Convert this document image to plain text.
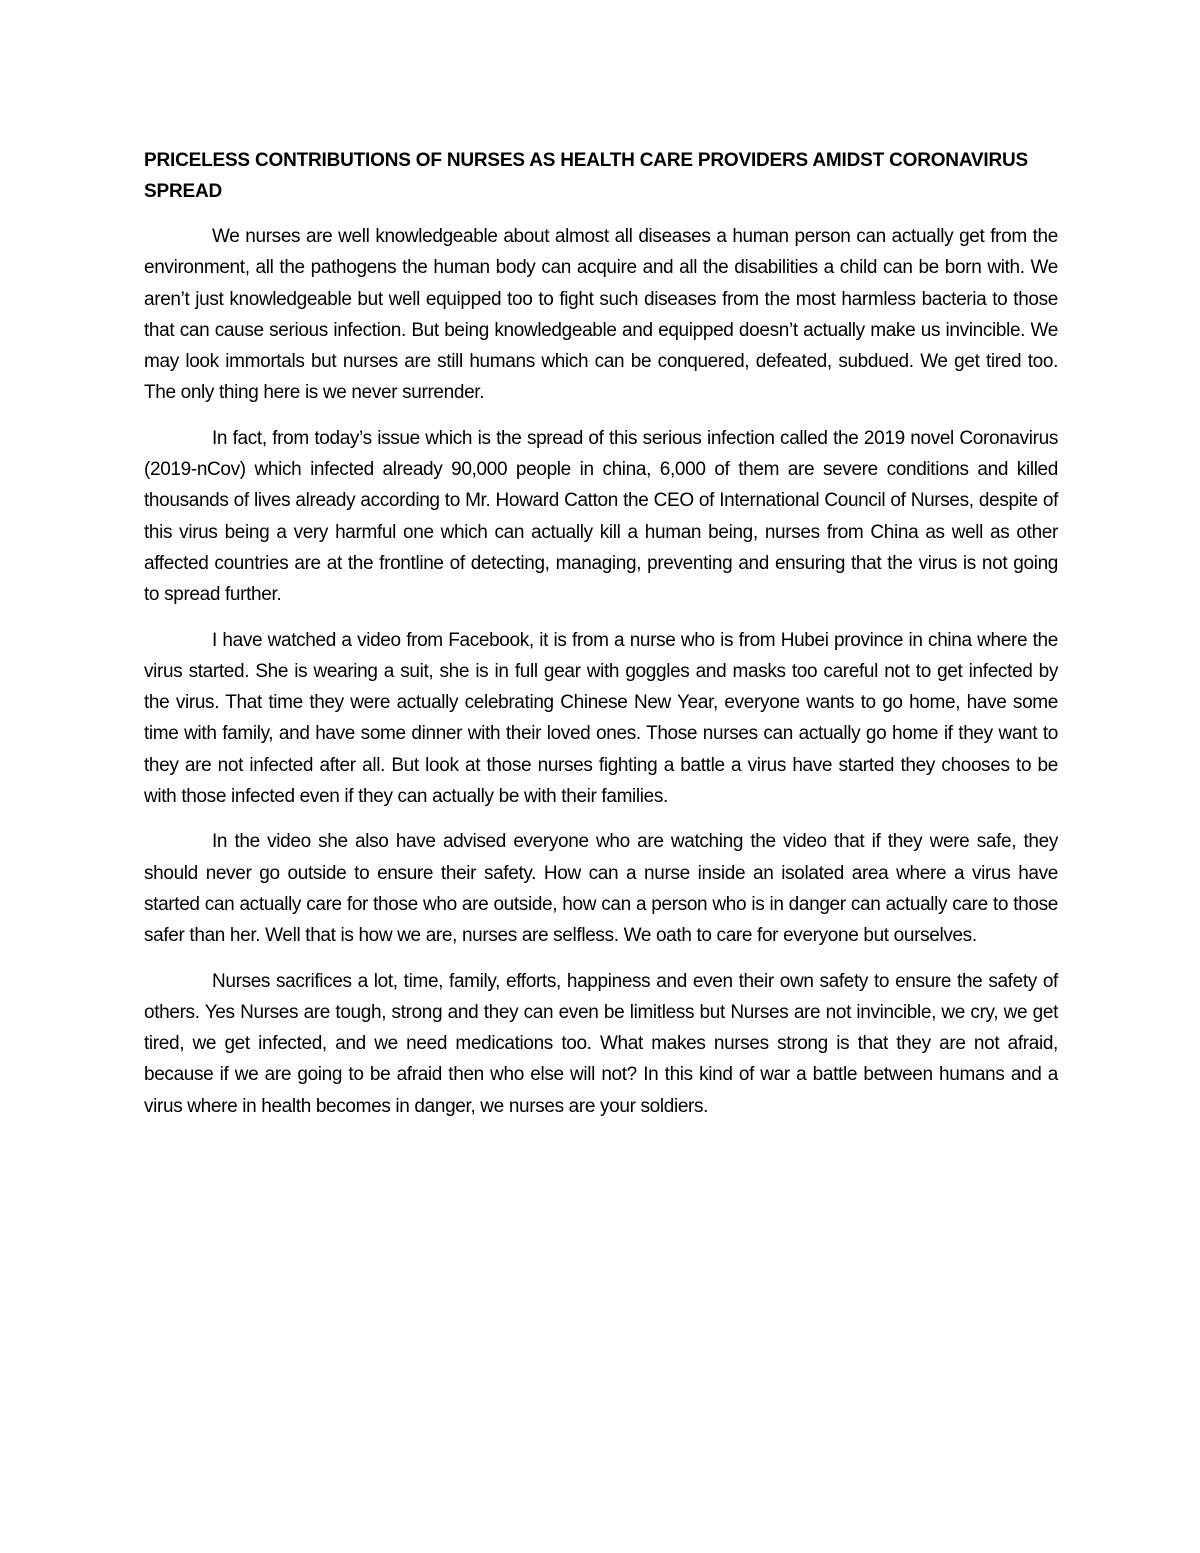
PRICELESS CONTRIBUTIONS OF NURSES AS HEALTH CARE PROVIDERS AMIDST CORONAVIRUS SPREAD

We nurses are well knowledgeable about almost all diseases a human person can actually get from the environment, all the pathogens the human body can acquire and all the disabilities a child can be born with. We aren’t just knowledgeable but well equipped too to fight such diseases from the most harmless bacteria to those that can cause serious infection. But being knowledgeable and equipped doesn’t actually make us invincible. We may look immortals but nurses are still humans which can be conquered, defeated, subdued. We get tired too. The only thing here is we never surrender.

In fact, from today’s issue which is the spread of this serious infection called the 2019 novel Coronavirus (2019-nCov) which infected already 90,000 people in china, 6,000 of them are severe conditions and killed thousands of lives already according to Mr. Howard Catton the CEO of International Council of Nurses, despite of this virus being a very harmful one which can actually kill a human being, nurses from China as well as other affected countries are at the frontline of detecting, managing, preventing and ensuring that the virus is not going to spread further.

I have watched a video from Facebook, it is from a nurse who is from Hubei province in china where the virus started. She is wearing a suit, she is in full gear with goggles and masks too careful not to get infected by the virus. That time they were actually celebrating Chinese New Year, everyone wants to go home, have some time with family, and have some dinner with their loved ones. Those nurses can actually go home if they want to they are not infected after all. But look at those nurses fighting a battle a virus have started they chooses to be with those infected even if they can actually be with their families.

In the video she also have advised everyone who are watching the video that if they were safe, they should never go outside to ensure their safety. How can a nurse inside an isolated area where a virus have started can actually care for those who are outside, how can a person who is in danger can actually care to those safer than her. Well that is how we are, nurses are selfless. We oath to care for everyone but ourselves.

Nurses sacrifices a lot, time, family, efforts, happiness and even their own safety to ensure the safety of others. Yes Nurses are tough, strong and they can even be limitless but Nurses are not invincible, we cry, we get tired, we get infected, and we need medications too. What makes nurses strong is that they are not afraid, because if we are going to be afraid then who else will not? In this kind of war a battle between humans and a virus where in health becomes in danger, we nurses are your soldiers.
